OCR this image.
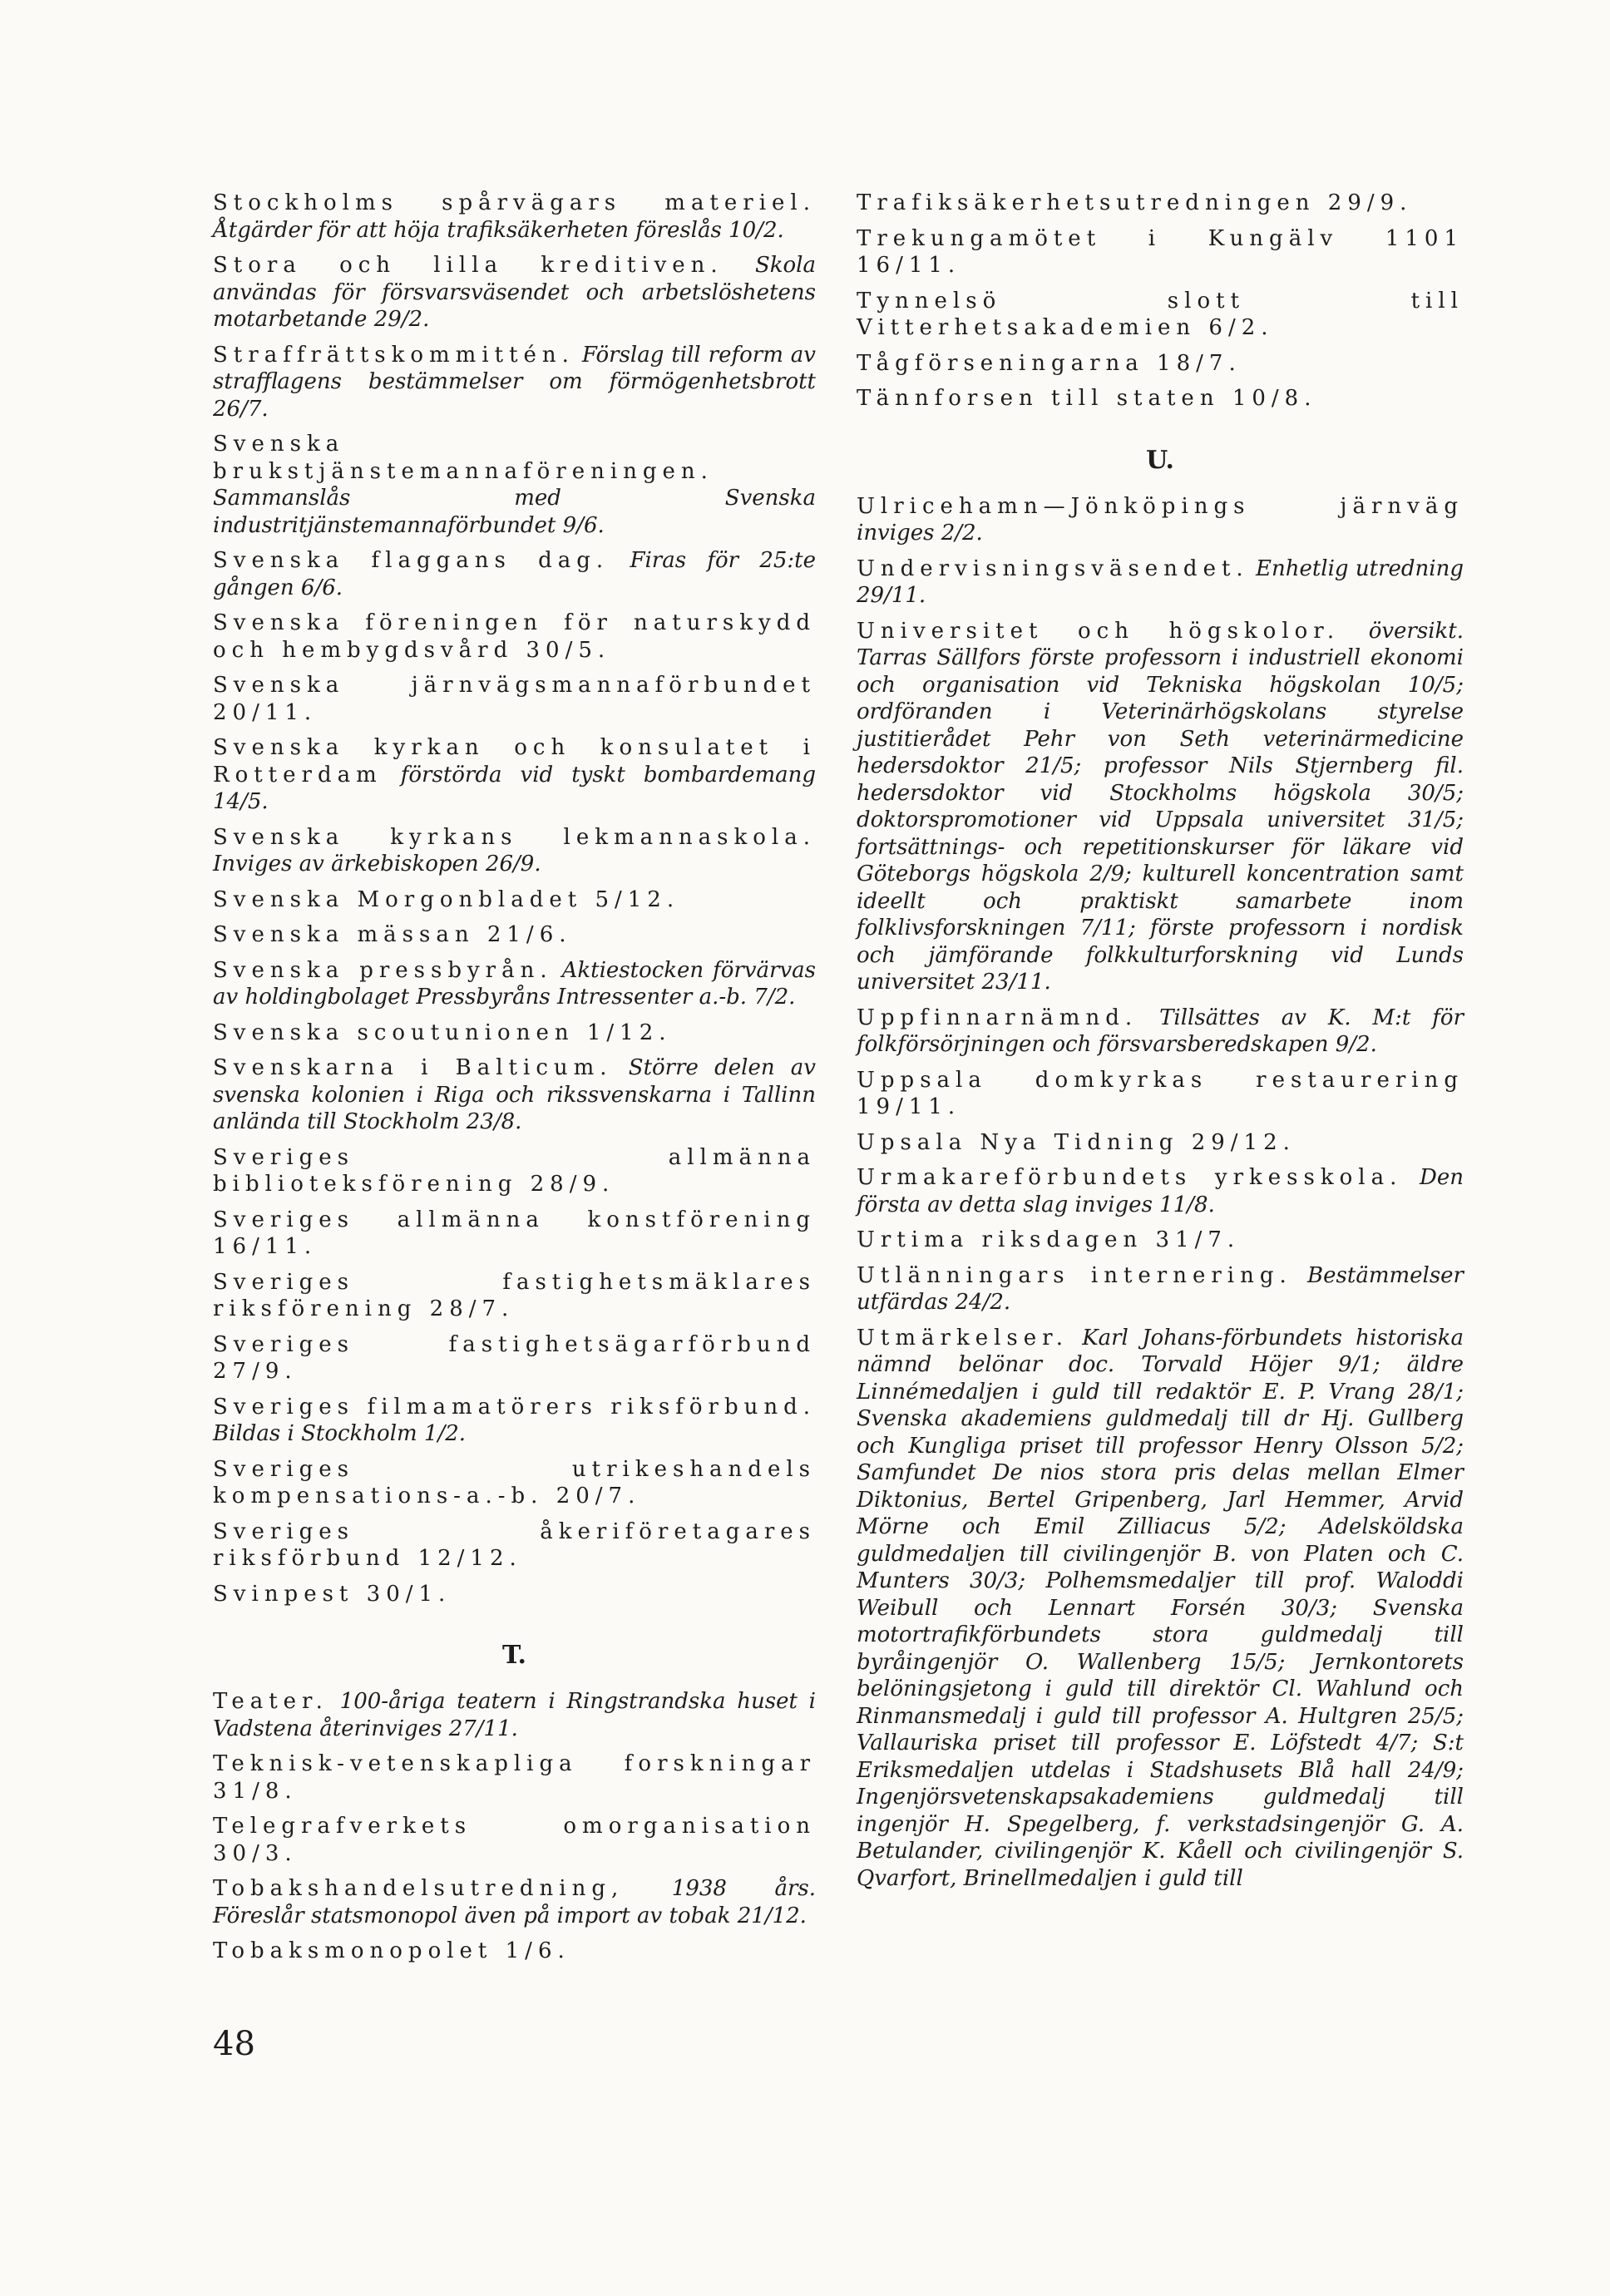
Stockholms spårvägars materiel. Åtgärder för att höja trafiksäkerheten föreslås 10/2.

Stora och lilla kreditiven. Skola användas för försvarsväsendet och arbetslöshetens motarbetande 29/2.

Straffrättskommittén. Förslag till reform av strafflagens bestämmelser om förmögenhetsbrott 26/7.

Svenska brukstjänstemannaföreningen. Sammanslås med Svenska industritjänstemannaförbundet 9/6.

Svenska flaggans dag. Firas för 25:te gången 6/6.

Svenska föreningen för naturskydd och hembygdsvård 30/5.

Svenska järnvägsmannaförbundet 20/11.

Svenska kyrkan och konsulatet i Rotterdam förstörda vid tyskt bombardemang 14/5.

Svenska kyrkans lekmannaskola. Inviges av ärkebiskopen 26/9.

Svenska Morgonbladet 5/12.

Svenska mässan 21/6.

Svenska pressbyrån. Aktiestocken förvärvas av holdingbolaget Pressbyråns Intressenter a.-b. 7/2.

Svenska scoutunionen 1/12.

Svenskarna i Balticum. Större delen av svenska kolonien i Riga och rikssvenskarna i Tallinn anlända till Stockholm 23/8.

Sveriges allmänna biblioteksförening 28/9.

Sveriges allmänna konstförening 16/11.

Sveriges fastighetsmäklares riksförening 28/7.

Sveriges fastighetsägarförbund 27/9.

Sveriges filmamatörers riksförbund. Bildas i Stockholm 1/2.

Sveriges utrikeshandels kompensations-a.-b. 20/7.

Sveriges åkeriföretagares riksförbund 12/12.

Svinpest 30/1.

T.

Teater. 100-åriga teatern i Ringstrandska huset i Vadstena återinviges 27/11.

Teknisk-vetenskapliga forskningar 31/8.

Telegrafverkets omorganisation 30/3.

Tobakshandelsutredning, 1938 års. Föreslår statsmonopol även på import av tobak 21/12.

Tobaksmonopolet 1/6.

Trafiksäkerhetsutredningen 29/9.

Trekungamötet i Kungälv 1101 16/11.

Tynnelsö slott till Vitterhetsakademien 6/2.

Tågförseningarna 18/7.

Tännforsen till staten 10/8.

U.

Ulricehamn—Jönköpings järnväg inviges 2/2.

Undervisningsväsendet. Enhetlig utredning 29/11.

Universitet och högskolor. översikt. Tarras Sällfors förste professorn i industriell ekonomi och organisation vid Tekniska högskolan 10/5; ordföranden i Veterinärhögskolans styrelse justitierådet Pehr von Seth veterinärmedicine hedersdoktor 21/5; professor Nils Stjernberg fil. hedersdoktor vid Stockholms högskola 30/5; doktorspromotioner vid Uppsala universitet 31/5; fortsättnings- och repetitionskurser för läkare vid Göteborgs högskola 2/9; kulturell koncentration samt ideellt och praktiskt samarbete inom folklivsforskningen 7/11; förste professorn i nordisk och jämförande folkkulturforskning vid Lunds universitet 23/11.

Uppfinnarnämnd. Tillsättes av K. M:t för folkförsörjningen och försvarsberedskapen 9/2.

Uppsala domkyrkas restaurering 19/11.

Upsala Nya Tidning 29/12.

Urmakareförbundets yrkesskola. Den första av detta slag inviges 11/8.

Urtima riksdagen 31/7.

Utlänningars internering. Bestämmelser utfärdas 24/2.

Utmärkelser. Karl Johans-förbundets historiska nämnd belönar doc. Torvald Höjer 9/1; äldre Linnémedaljen i guld till redaktör E. P. Vrang 28/1; Svenska akademiens guldmedalj till dr Hj. Gullberg och Kungliga priset till professor Henry Olsson 5/2; Samfundet De nios stora pris delas mellan Elmer Diktonius, Bertel Gripenberg, Jarl Hemmer, Arvid Mörne och Emil Zilliacus 5/2; Adelsköldska guldmedaljen till civilingenjör B. von Platen och C. Munters 30/3; Polhemsmedaljer till prof. Waloddi Weibull och Lennart Forsén 30/3; Svenska motortrafikförbundets stora guldmedalj till byråingenjör O. Wallenberg 15/5; Jernkontorets belöningsjetong i guld till direktör Cl. Wahlund och Rinmansmedalj i guld till professor A. Hultgren 25/5; Vallauriska priset till professor E. Löfstedt 4/7; S:t Eriksmedaljen utdelas i Stadshusets Blå hall 24/9; Ingenjörsvetenskapsakademiens guldmedalj till ingenjör H. Spegelberg, f. verkstadsingenjör G. A. Betulander, civilingenjör K. Kåell och civilingenjör S. Qvarfort, Brinellmedaljen i guld till

48
